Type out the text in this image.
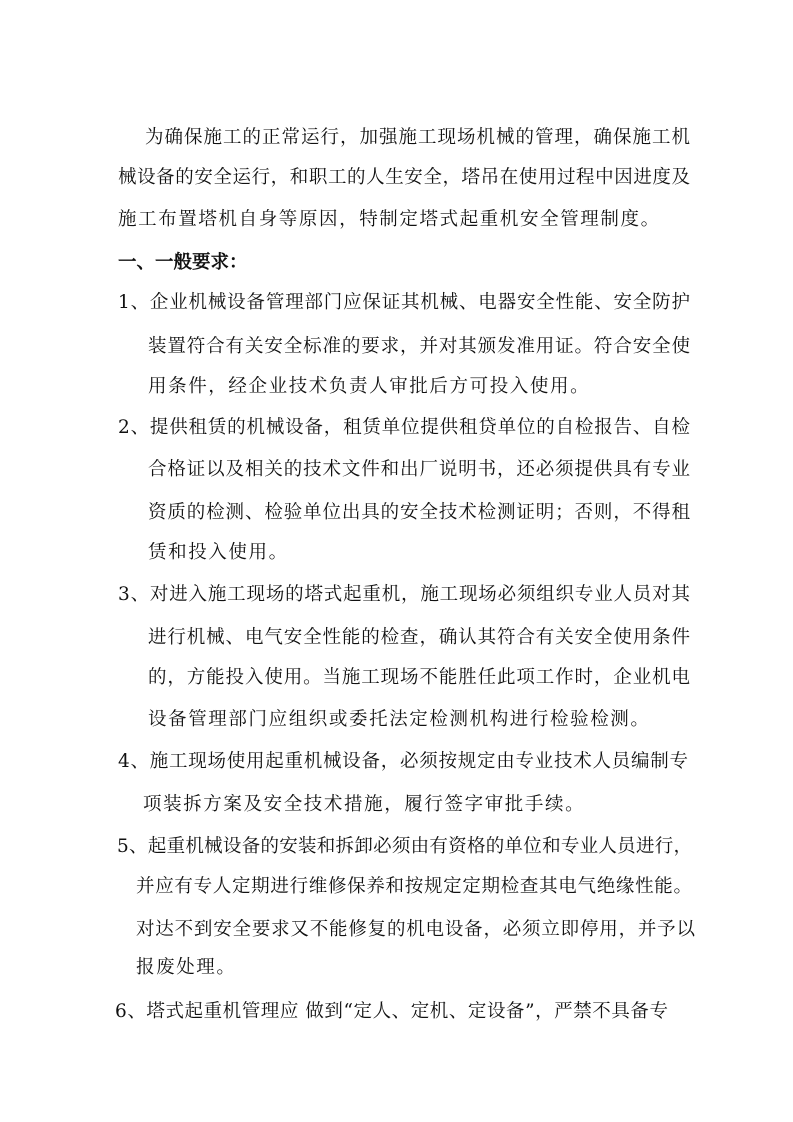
为确保施工的正常运行，加强施工现场机械的管理，确保施工机
械设备的安全运行，和职工的人生安全，塔吊在使用过程中因进度及
施工布置塔机自身等原因，特制定塔式起重机安全管理制度。
一、一般要求：
1、企业机械设备管理部门应保证其机械、电器安全性能、安全防护
装置符合有关安全标准的要求，并对其颁发准用证。符合安全使
用条件，经企业技术负责人审批后方可投入使用。
2、提供租赁的机械设备，租赁单位提供租贷单位的自检报告、自检
合格证以及相关的技术文件和出厂说明书，还必须提供具有专业
资质的检测、检验单位出具的安全技术检测证明；否则，不得租
赁和投入使用。
3、对进入施工现场的塔式起重机，施工现场必须组织专业人员对其
进行机械、电气安全性能的检查，确认其符合有关安全使用条件
的，方能投入使用。当施工现场不能胜任此项工作时，企业机电
设备管理部门应组织或委托法定检测机构进行检验检测。
4、施工现场使用起重机械设备，必须按规定由专业技术人员编制专
项装拆方案及安全技术措施，履行签字审批手续。
5、起重机械设备的安装和拆卸必须由有资格的单位和专业人员进行，
并应有专人定期进行维修保养和按规定定期检查其电气绝缘性能。
对达不到安全要求又不能修复的机电设备，必须立即停用，并予以
报废处理。
6、塔式起重机管理应 做到“定人、定机、定设备”，严禁不具备专
